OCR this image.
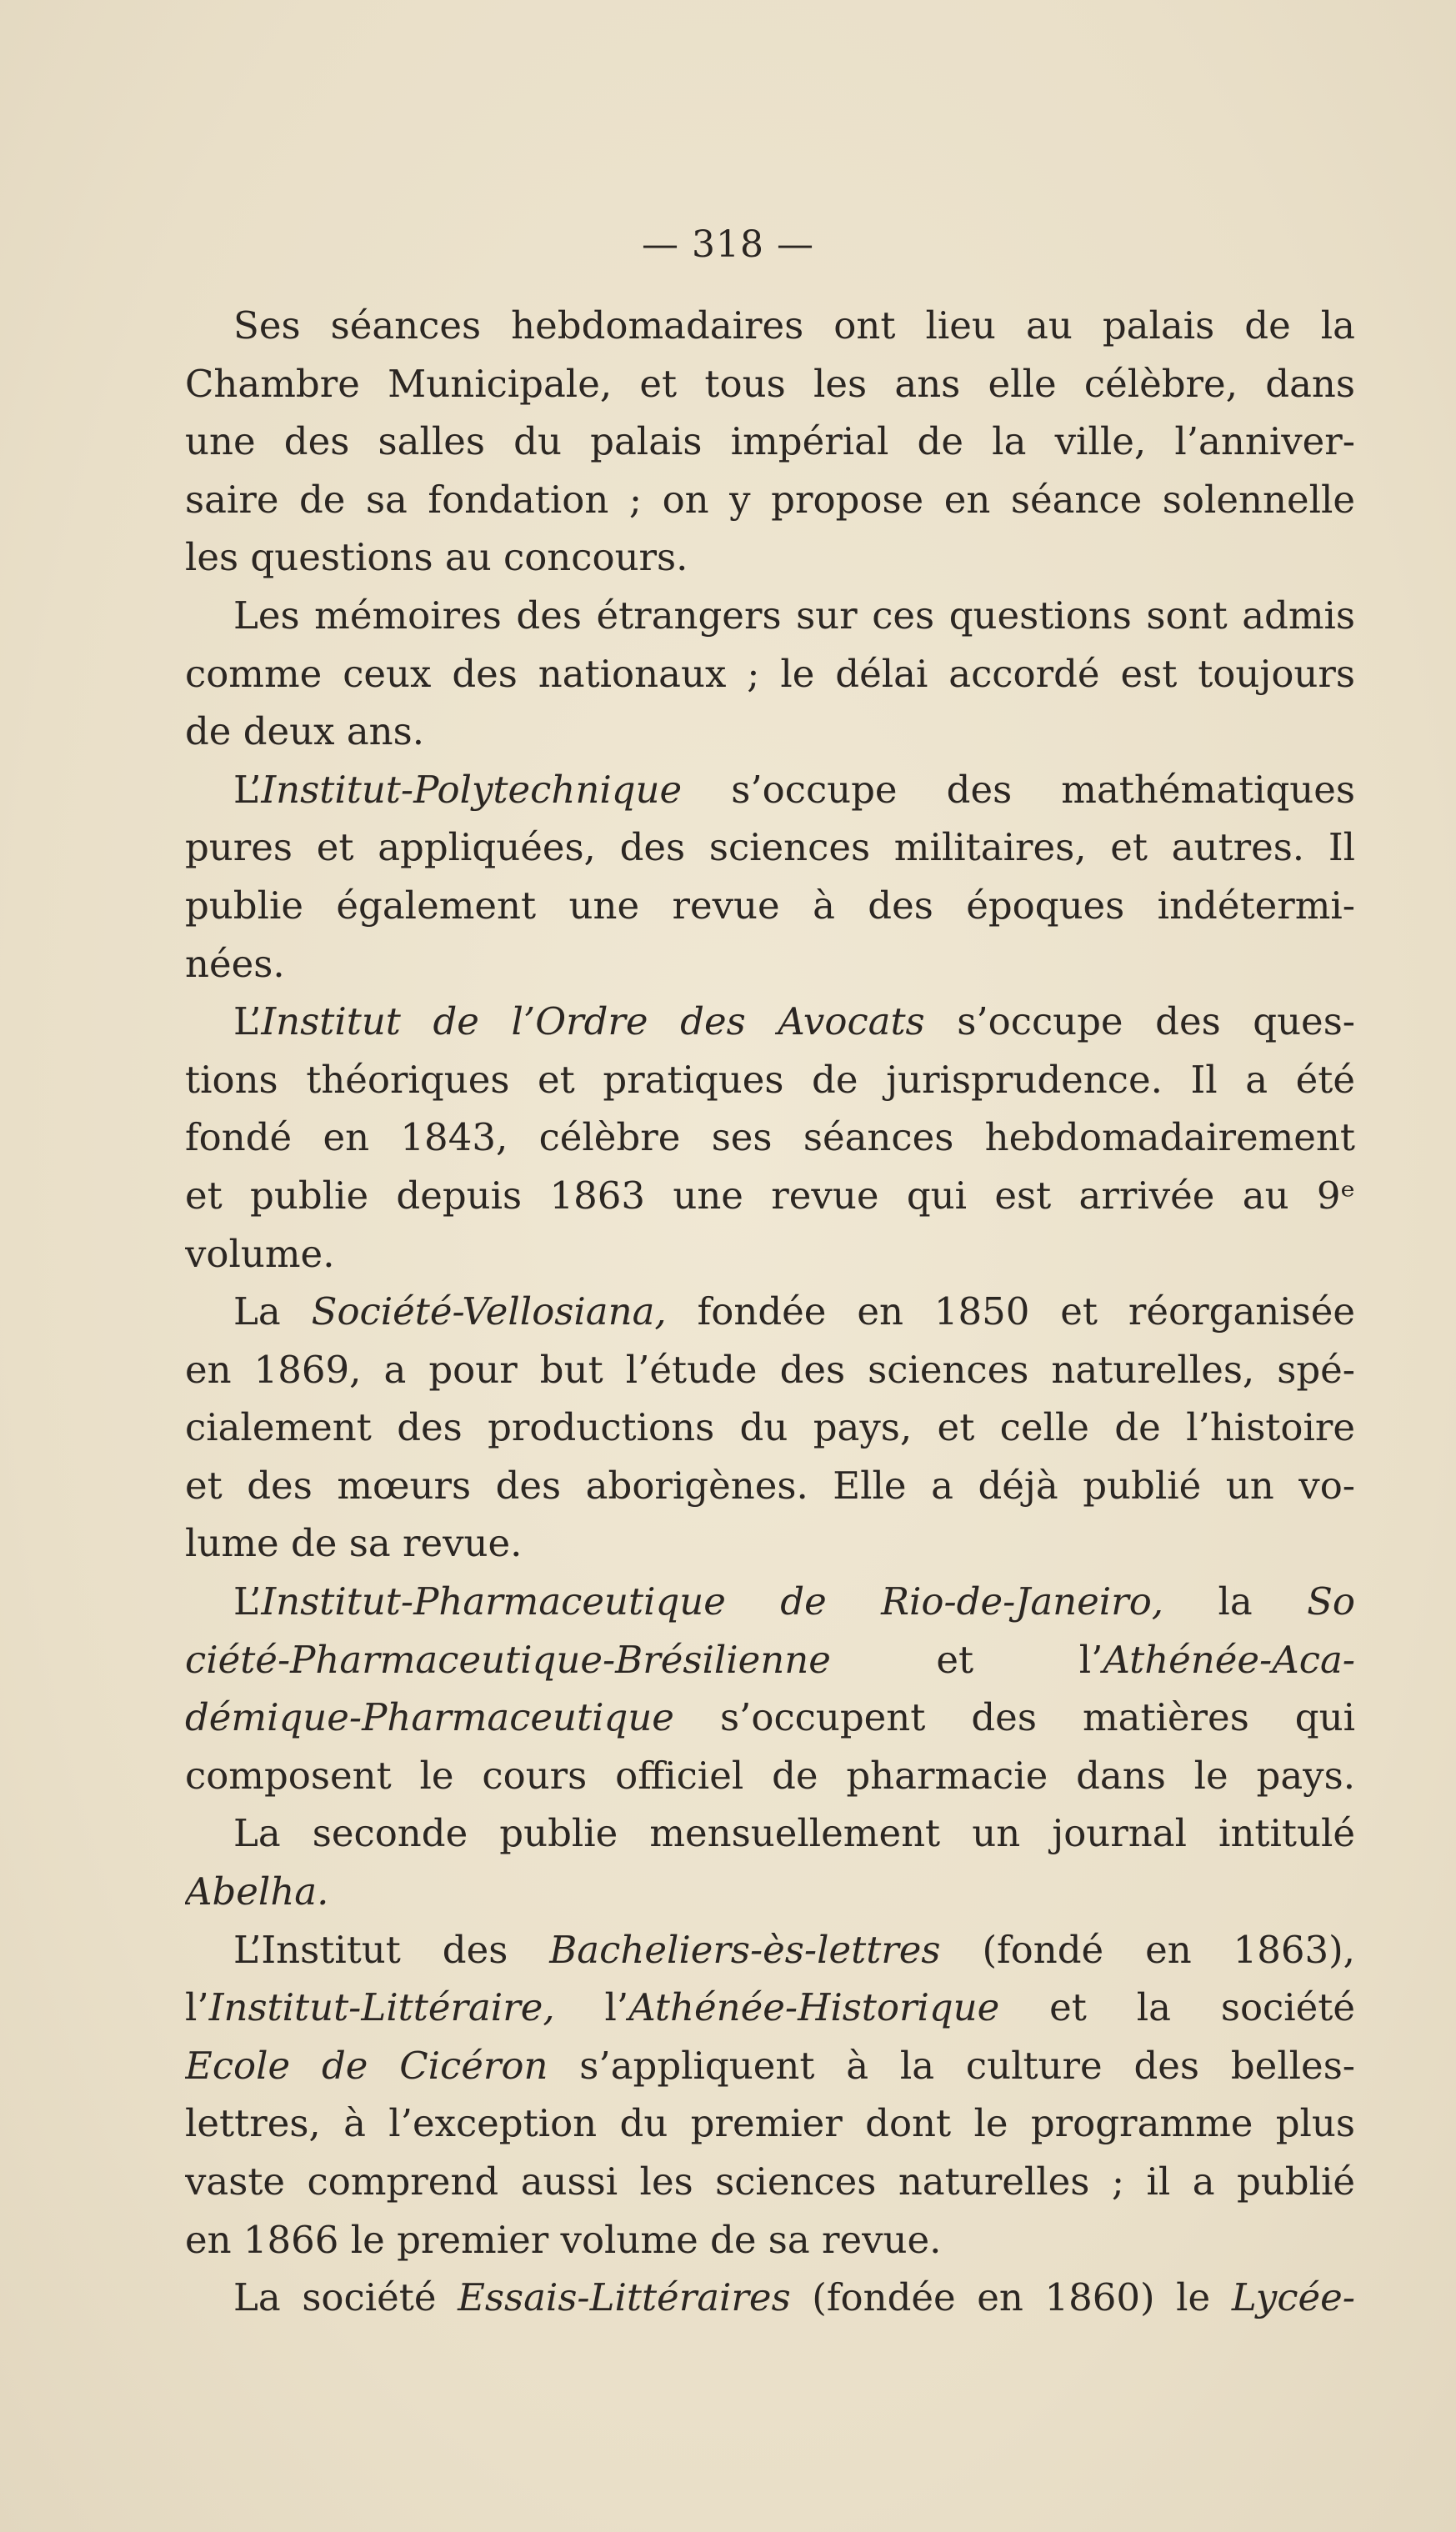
— 318 —
Ses séances hebdomadaires ont lieu au palais de la
Chambre Municipale, et tous les ans elle célèbre, dans
une des salles du palais impérial de la ville, l’anniver-
saire de sa fondation ; on y propose en séance solennelle
les questions au concours.
Les mémoires des étrangers sur ces questions sont admis
comme ceux des nationaux ; le délai accordé est toujours
de deux ans.
L’Institut-Polytechnique s’occupe des mathématiques
pures et appliquées, des sciences militaires, et autres. Il
publie également une revue à des époques indétermi-
nées.
L’Institut de l’Ordre des Avocats s’occupe des ques-
tions théoriques et pratiques de jurisprudence. Il a été
fondé en 1843, célèbre ses séances hebdomadairement
et publie depuis 1863 une revue qui est arrivée au 9ᵉ
volume.
La Société-Vellosiana, fondée en 1850 et réorganisée
en 1869, a pour but l’étude des sciences naturelles, spé-
cialement des productions du pays, et celle de l’histoire
et des mœurs des aborigènes. Elle a déjà publié un vo-
lume de sa revue.
L’Institut-Pharmaceutique de Rio-de-Janeiro, la So
ciété-Pharmaceutique-Brésilienne et l’Athénée-Aca-
démique-Pharmaceutique s’occupent des matières qui
composent le cours officiel de pharmacie dans le pays.
La seconde publie mensuellement un journal intitulé
Abelha.
L’Institut des Bacheliers-ès-lettres (fondé en 1863),
l’Institut-Littéraire, l’Athénée-Historique et la société
Ecole de Cicéron s’appliquent à la culture des belles-
lettres, à l’exception du premier dont le programme plus
vaste comprend aussi les sciences naturelles ; il a publié
en 1866 le premier volume de sa revue.
La société Essais-Littéraires (fondée en 1860) le Lycée-
